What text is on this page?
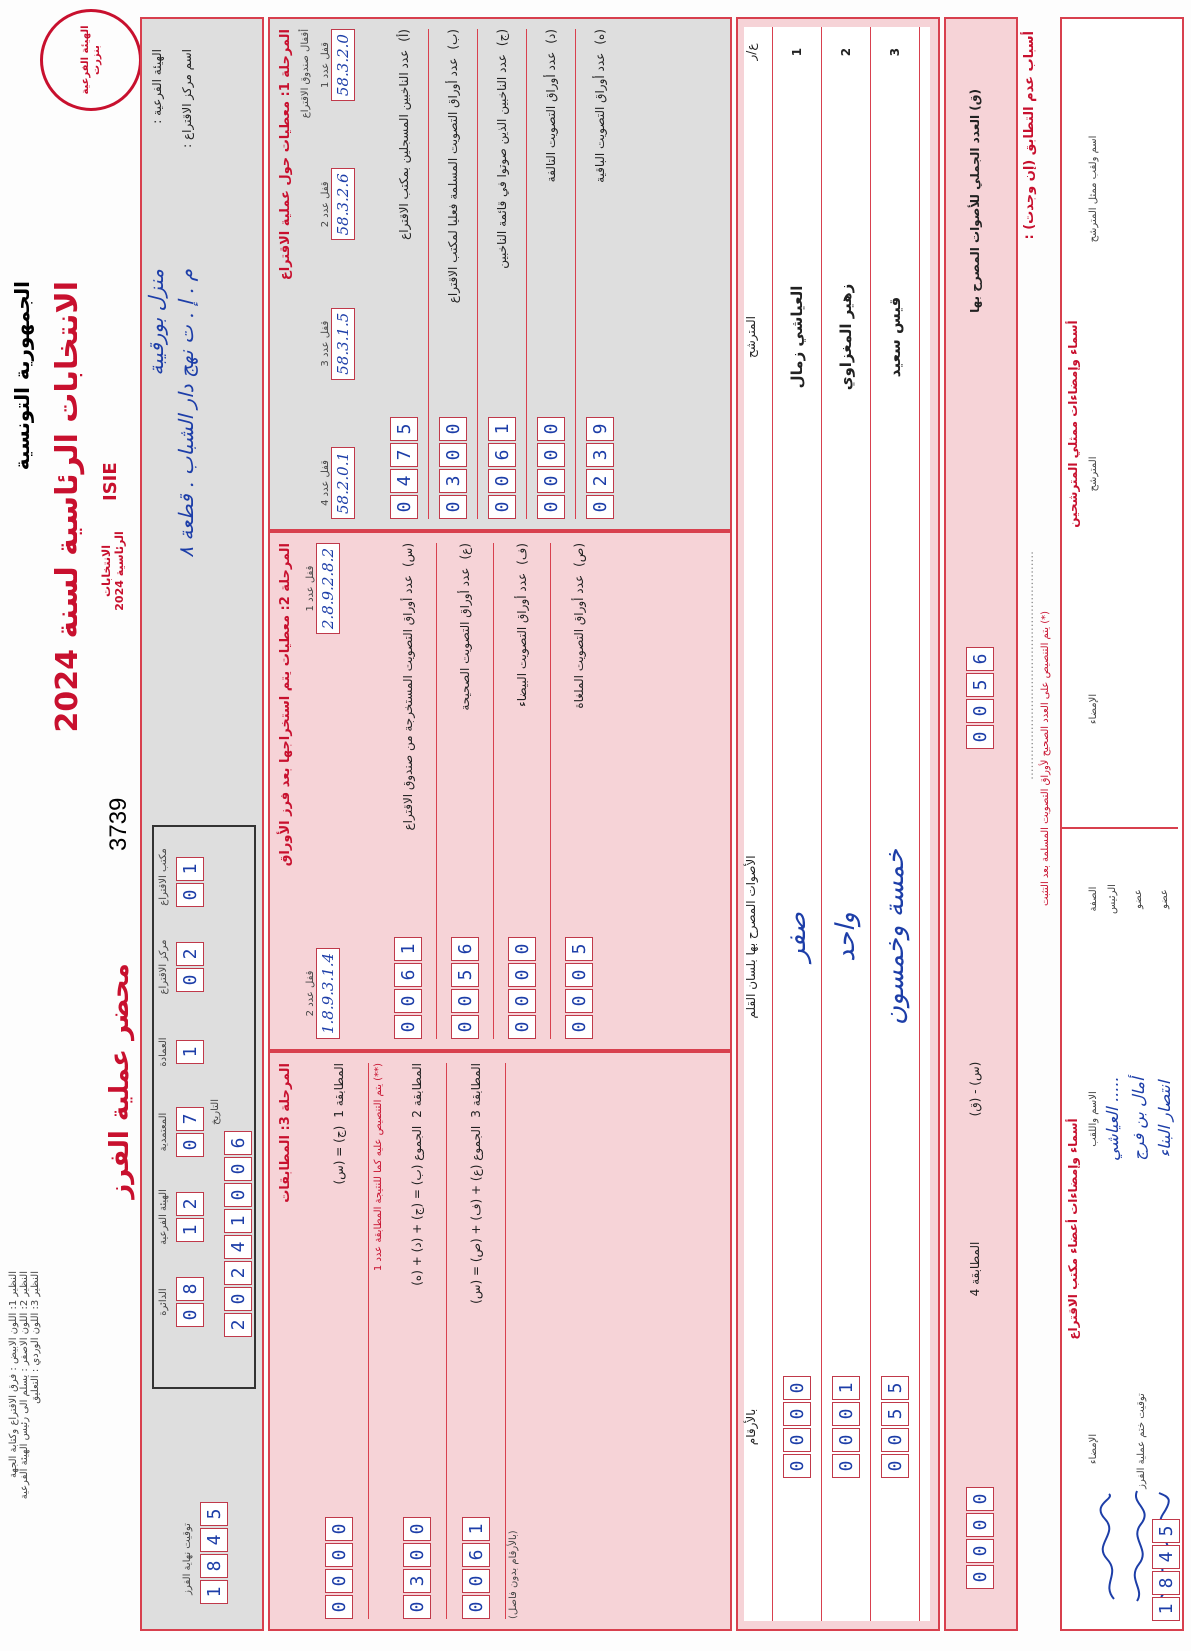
الهيئة الفرعية بنزرت
الانتخابات الرئاسية لسنة 2024
الجمهورية التونسية
محضر عملية الفرز
3739
الانتخابات الرئاسية 2024
ISIE
النظير 1: اللون الابيض : فرق الاقتراع وكتابة الجهة
النظير 2: اللون الاصفر : يسلم الى رئيس الهيئة الفرعية
النظير 3: اللون الوردي : التعليق
الهيئة الفرعية :
منزل بورقيبة
اسم مركز الاقتراع :
م . إ . ت نهج دار الشباب . قطعة ٨
مكتب الاقتراع 0
1
مركز الاقتراع 0
2
العمادة 1
المعتمدية 0
7
الهيئة الفرعية 1
2
الدائرة 0
8
التاريخ
2
0
2
4
1
0
0
6
توقيت نهاية الفرز 1
8
4
5
المرحلة 1: معطيات حول عملية الاقتراع أقفال صندوق الاقتراع قفل عدد 1 58.3.2.0
قفل عدد 2 58.3.2.6
قفل عدد 3 58.3.1.5
قفل عدد 4 58.2.0.1
(أ)
عدد الناخبين المسجلين بمكتب الاقتراع
0
4
7
5
(ب)
عدد أوراق التصويت المسلمة فعليا لمكتب الاقتراع
0
3
0
0
(ج)
عدد الناخبين الذين صوتوا في قائمة الناخبين
0
0
6
1
(د)
عدد أوراق التصويت التالفة
0
0
0
0
(ه)
عدد أوراق التصويت الباقية
0
2
3
9
المرحلة 2: معطيات يتم استخراجها بعد فرز الأوراق
قفل عدد 1 2.8.9.2.8.2
قفل عدد 2 1.8.9.3.1.4
(س)
عدد أوراق التصويت المستخرجة من صندوق الاقتراع
0
0
6
1
(ع)
عدد أوراق التصويت الصحيحة
0
0
5
6
(ف)
عدد أوراق التصويت البيضاء
0
0
0
0
(ص)
عدد أوراق التصويت الملغاة
0
0
0
5
المرحلة 3: المطابقات	المطابقة 1
(ج) = (س)
0
0
0
0
(**) يتم التنصيص عليه كما للنتيجة المطابقة عدد 1	المطابقة 2
الجموع (ب) = (ج) + (د) + (ه)
0
3
0
0
المطابقة 3
الجموع (ع) + (ف) + (ص) = (س)
0
0
6
1
(بالأرقام بدون فاصل)
ع/ر
المترشح
الأصوات المصرح بها بلسان القلم
بالأرقام
1
العياشي زمال
صفر
0
0
0
0
2
زهير المغزاوي
واحد
0
0
0
1
3
قيس سعيد
خمسة وخمسون
0
0
5
5
(ق) العدد الجملي للأصوات المصرح بها
0
0
5
6
(س) - (ق)
المطابقة 4
0
0
0
0
أسباب عدم التطابق (إن وجدت) :
............................................................ (*) يتم التنصيص على العدد الصحيح لأوراق التصويت المسلمة بعد التثبت
أسماء وإمضاءات ممثلي المترشحين
أسماء وإمضاءات أعضاء مكتب الاقتراع
اسم ولقب ممثل المترشح
المترشح
الإمضاء
الصفة
الاسم واللقب
الإمضاء
الرئيس
..... العياشي
عضو
أمال بن فرج
عضو
انتصار البناء
توقيت ختم عملية الفرز
1
8
4
5
